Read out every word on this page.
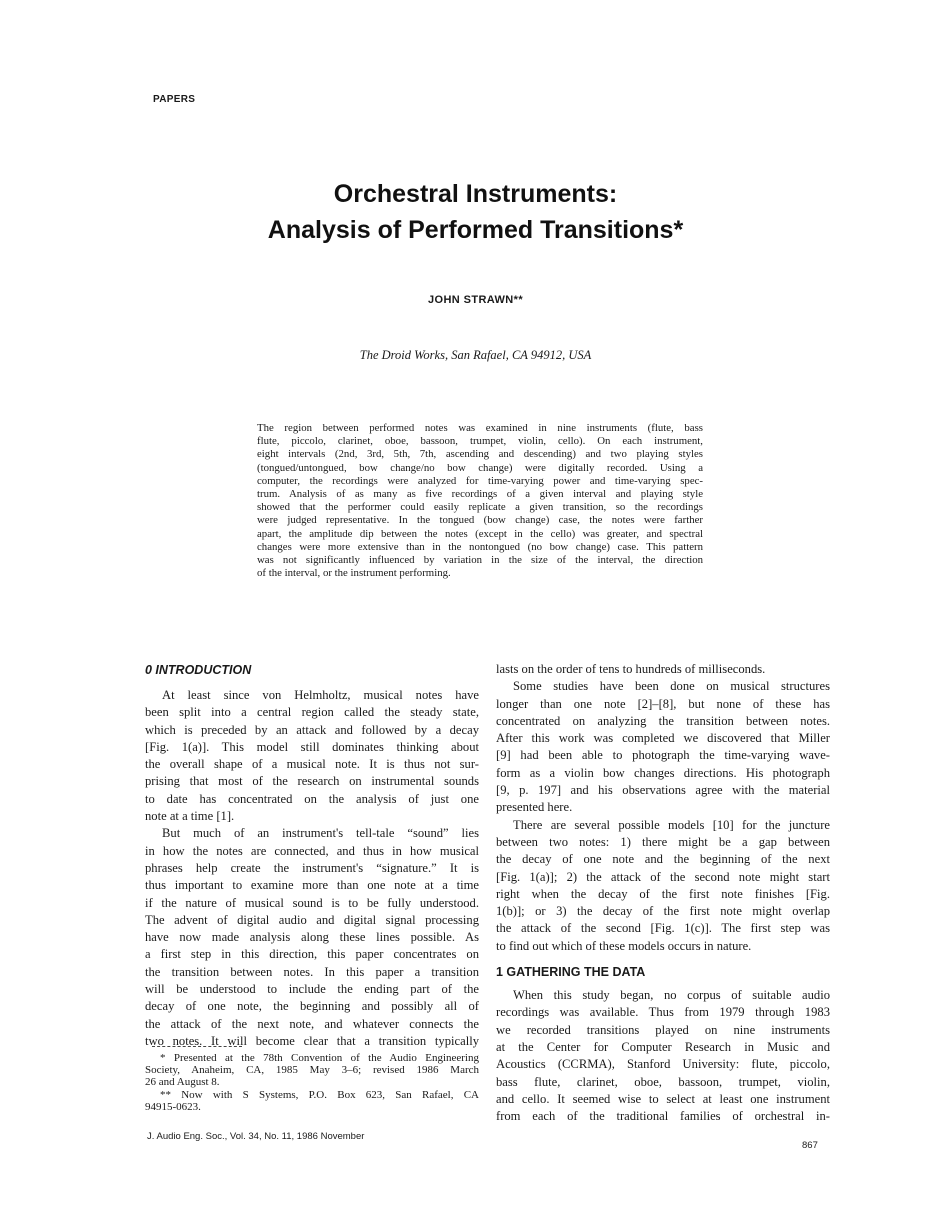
PAPERS
Orchestral Instruments:
Analysis of Performed Transitions*
JOHN STRAWN**
The Droid Works, San Rafael, CA 94912, USA
The region between performed notes was examined in nine instruments (flute, bass
flute, piccolo, clarinet, oboe, bassoon, trumpet, violin, cello). On each instrument,
eight intervals (2nd, 3rd, 5th, 7th, ascending and descending) and two playing styles
(tongued/untongued, bow change/no bow change) were digitally recorded. Using a
computer, the recordings were analyzed for time-varying power and time-varying spec-
trum. Analysis of as many as five recordings of a given interval and playing style
showed that the performer could easily replicate a given transition, so the recordings
were judged representative. In the tongued (bow change) case, the notes were farther
apart, the amplitude dip between the notes (except in the cello) was greater, and spectral
changes were more extensive than in the nontongued (no bow change) case. This pattern
was not significantly influenced by variation in the size of the interval, the direction
of the interval, or the instrument performing.
0 INTRODUCTION
At least since von Helmholtz, musical notes have
been split into a central region called the steady state,
which is preceded by an attack and followed by a decay
[Fig. 1(a)]. This model still dominates thinking about
the overall shape of a musical note. It is thus not sur-
prising that most of the research on instrumental sounds
to date has concentrated on the analysis of just one
note at a time [1].
But much of an instrument's tell-tale “sound” lies
in how the notes are connected, and thus in how musical
phrases help create the instrument's “signature.” It is
thus important to examine more than one note at a time
if the nature of musical sound is to be fully understood.
The advent of digital audio and digital signal processing
have now made analysis along these lines possible. As
a first step in this direction, this paper concentrates on
the transition between notes. In this paper a transition
will be understood to include the ending part of the
decay of one note, the beginning and possibly all of
the attack of the next note, and whatever connects the
two notes. It will become clear that a transition typically
* Presented at the 78th Convention of the Audio Engineering
Society, Anaheim, CA, 1985 May 3–6; revised 1986 March
26 and August 8.
** Now with S Systems, P.O. Box 623, San Rafael, CA
94915-0623.
lasts on the order of tens to hundreds of milliseconds.
Some studies have been done on musical structures
longer than one note [2]–[8], but none of these has
concentrated on analyzing the transition between notes.
After this work was completed we discovered that Miller
[9] had been able to photograph the time-varying wave-
form as a violin bow changes directions. His photograph
[9, p. 197] and his observations agree with the material
presented here.
There are several possible models [10] for the juncture
between two notes: 1) there might be a gap between
the decay of one note and the beginning of the next
[Fig. 1(a)]; 2) the attack of the second note might start
right when the decay of the first note finishes [Fig.
1(b)]; or 3) the decay of the first note might overlap
the attack of the second [Fig. 1(c)]. The first step was
to find out which of these models occurs in nature.
1 GATHERING THE DATA
When this study began, no corpus of suitable audio
recordings was available. Thus from 1979 through 1983
we recorded transitions played on nine instruments
at the Center for Computer Research in Music and
Acoustics (CCRMA), Stanford University: flute, piccolo,
bass flute, clarinet, oboe, bassoon, trumpet, violin,
and cello. It seemed wise to select at least one instrument
from each of the traditional families of orchestral in-
J. Audio Eng. Soc., Vol. 34, No. 11, 1986 November
867
